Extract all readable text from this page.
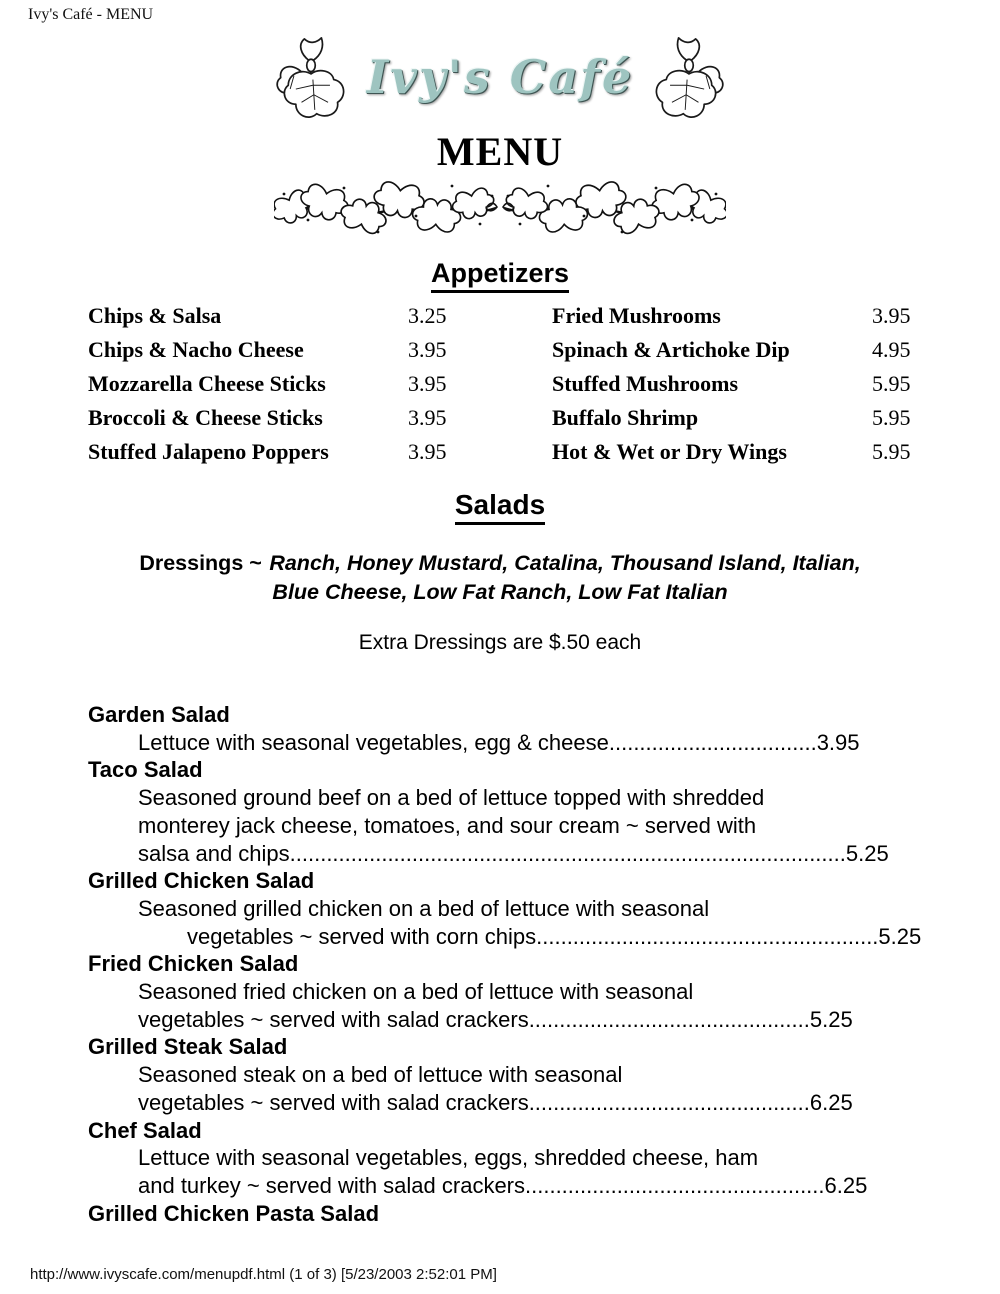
Ivy's Café - MENU
Ivy's Café
MENU
Appetizers
Chips & Salsa	3.25	Fried Mushrooms	3.95
Chips & Nacho Cheese	3.95	Spinach & Artichoke Dip	4.95
Mozzarella Cheese Sticks	3.95	Stuffed Mushrooms	5.95
Broccoli & Cheese Sticks	3.95	Buffalo Shrimp	5.95
Stuffed Jalapeno Poppers	3.95	Hot & Wet or Dry Wings	5.95
Salads
Dressings ~ Ranch, Honey Mustard, Catalina, Thousand Island, Italian,
Blue Cheese, Low Fat Ranch, Low Fat Italian
Extra Dressings are $.50 each
Garden Salad
Lettuce with seasonal vegetables, egg & cheese..................................3.95
Taco Salad
Seasoned ground beef on a bed of lettuce topped with shredded
monterey jack cheese, tomatoes, and sour cream ~ served with
salsa and chips...........................................................................................5.25
Grilled Chicken Salad
Seasoned grilled chicken on a bed of lettuce with seasonal
vegetables ~ served with corn chips........................................................5.25
Fried Chicken Salad
Seasoned fried chicken on a bed of lettuce with seasonal
vegetables ~ served with salad crackers..............................................5.25
Grilled Steak Salad
Seasoned steak on a bed of lettuce with seasonal
vegetables ~ served with salad crackers..............................................6.25
Chef Salad
Lettuce with seasonal vegetables, eggs, shredded cheese, ham
and turkey ~ served with salad crackers.................................................6.25
Grilled Chicken Pasta Salad
http://www.ivyscafe.com/menupdf.html (1 of 3) [5/23/2003 2:52:01 PM]
